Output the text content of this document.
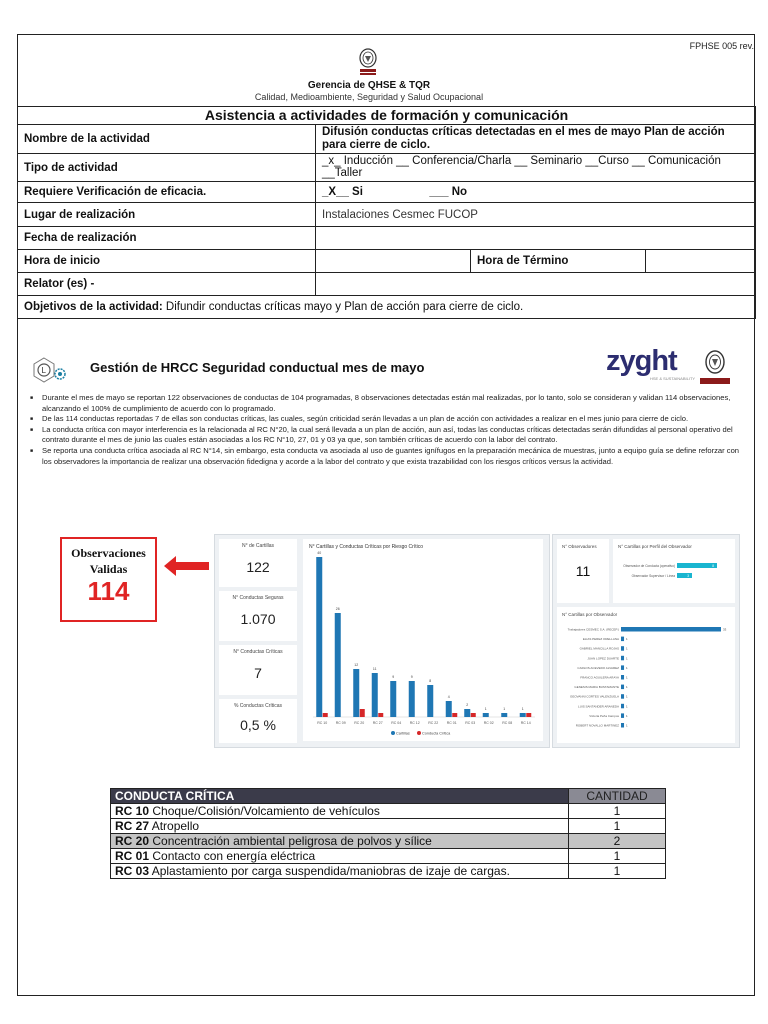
FPHSE 005 rev.
Gerencia de QHSE & TQR
Calidad, Medioambiente, Seguridad y Salud Ocupacional
Asistencia a actividades de formación y comunicación			
Nombre de la actividad	Difusión conductas críticas detectadas en el mes de mayo Plan de acción para cierre de ciclo.		
Tipo de actividad	_x_ Inducción __ Conferencia/Charla __ Seminario __Curso __ Comunicación __Taller		
Requiere Verificación de eficacia.	_X__ Si ___ No		
Lugar de realización	Instalaciones Cesmec FUCOP		
Fecha de realización			
Hora de inicio		Hora de Término	
Relator (es) -			
Objetivos de la actividad: Difundir conductas críticas mayo y Plan de acción para cierre de ciclo.			
L	Gestión de HRCC Seguridad conductual mes de mayo	zyght
HSE & SUSTAINABILITY
■ Durante el mes de mayo se reportan 122 observaciones de conductas de 104 programadas, 8 observaciones detectadas están mal realizadas, por lo tanto, solo se consideran y validan 114 observaciones, alcanzando el 100% de cumplimiento de acuerdo con lo programado.
■ De las 114 conductas reportadas 7 de ellas son conductas críticas, las cuales, según criticidad serán llevadas a un plan de acción con actividades a realizar en el mes junio para cierre de ciclo.
■ La conducta crítica con mayor interferencia es la relacionada al RC N°20, la cual será llevada a un plan de acción, aun así, todas las conductas críticas detectadas serán difundidas al personal operativo del contrato durante el mes de junio las cuales están asociadas a los RC N°10, 27, 01 y 03 ya que, son también críticas de acuerdo con la labor del contrato.
■ Se reporta una conducta crítica asociada al RC N°14, sin embargo, esta conducta va asociada al uso de guantes ignífugos en la preparación mecánica de muestras, junto a equipo guía se define reforzar con los observadores la importancia de realizar una observación fidedigna y acorde a la labor del contrato y que exista trazabilidad con los riesgos críticos versus la actividad.
Observaciones Validas
114
N° de Cartillas
122
N° Conductas Seguras
1.070
N° Conductas Críticas
7
% Conductas Críticas
0,5 %
N° Cartillas y Conductas Críticas por Riesgo Crítico
40
RC 10
26
RC 09
12
RC 20
11
RC 27
9
RC 04
9
RC 12
8
RC 22
4
RC 01
2
RC 03
1
RC 02
1
RC 08
1
RC 14
Cartillas	Conducta Crítica
N° Observadores
11
N° Cartillas por Perfil del Observador
Observador de Conducta (operativo)	8
Observador Supervisor / Línea	3
N° Cartillas por Observador
Trabajadores CESMEC S.A. (RECEP.)	33
ELIAS PEREZ ORELLANA 1
GABRIEL MANCILLA ROJAS 1
JUAN LOPEZ DUARTE 1
CARLOS ACEVEDO ALVAREZ 1
FRANCO AGUILERA ARAYA 1
GENESIS MARIA BUSTAMANTE 1
GEOVANNI CORTES VALENZUELA 1
LUIS SANTANDER ARANEDA 1
Victoria Peña Campos 1
ROBERT NOVALLO MARTINEZ 1
CONDUCTA CRÍTICA	CANTIDAD
RC 10 Choque/Colisión/Volcamiento de vehículos	1
RC 27 Atropello	1
RC 20 Concentración ambiental peligrosa de polvos y sílice	2
RC 01 Contacto con energía eléctrica	1
RC 03 Aplastamiento por carga suspendida/maniobras de izaje de cargas.	1
